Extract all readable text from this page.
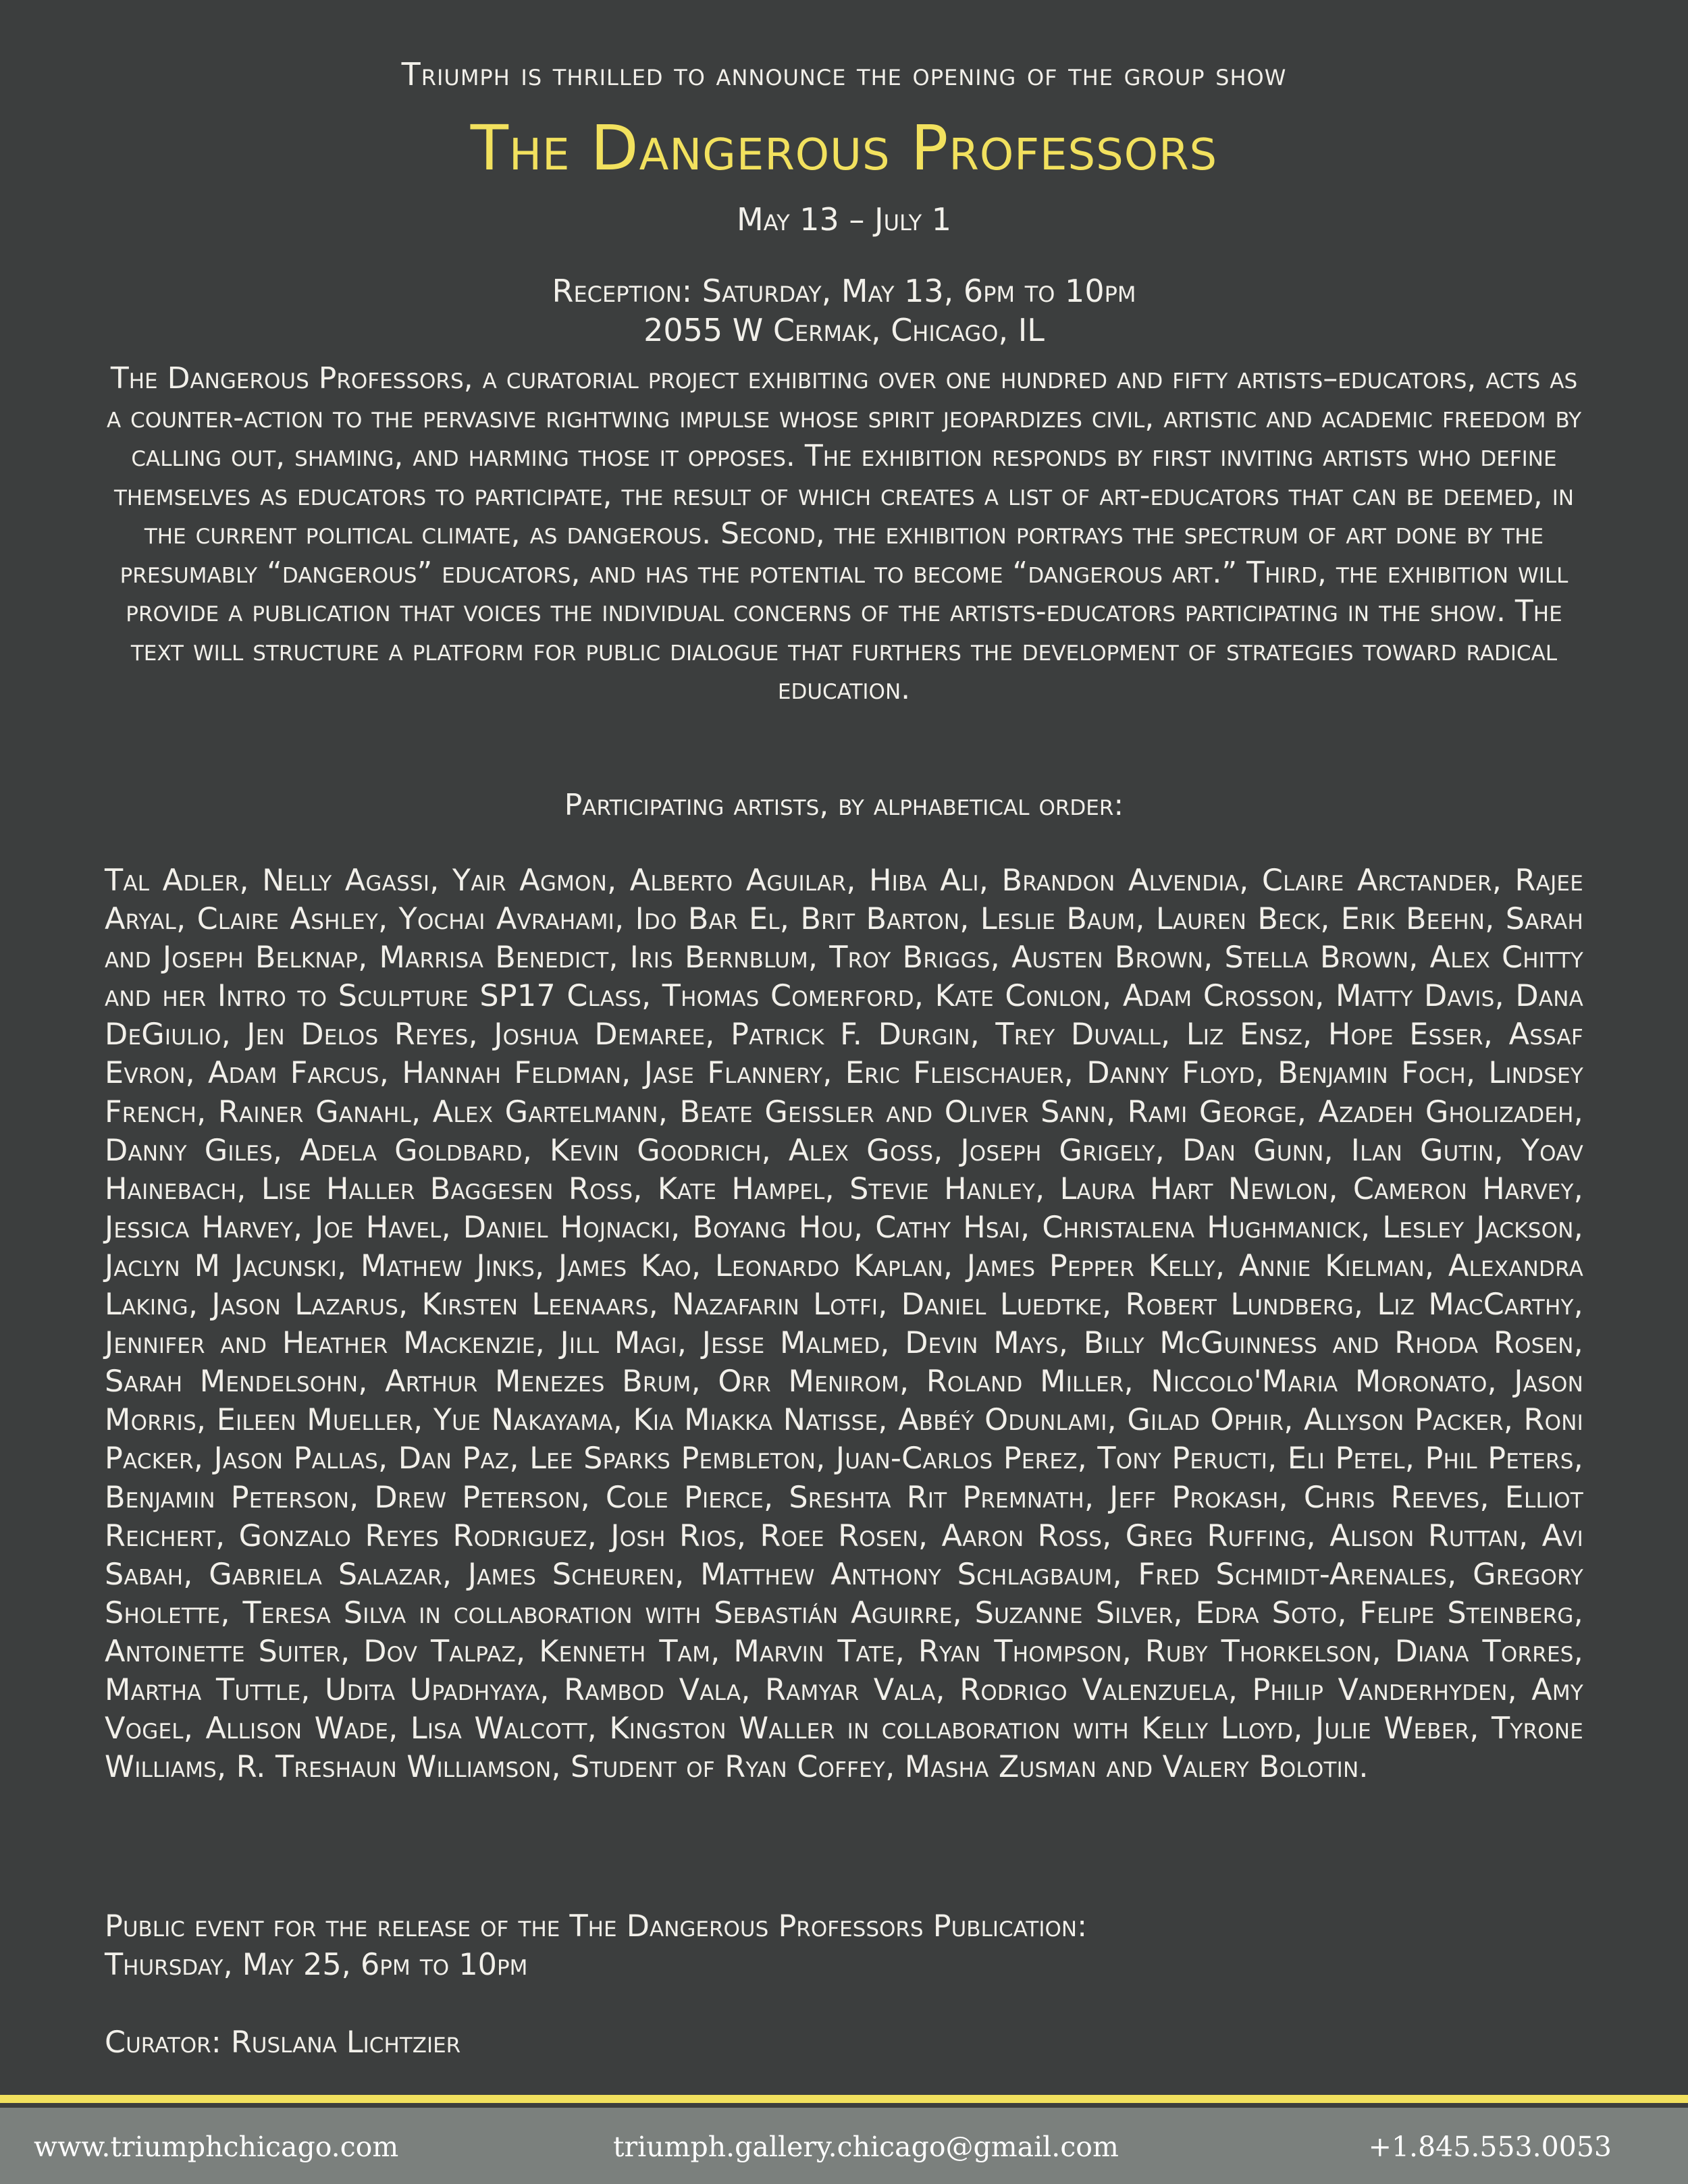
Triumph is thrilled to announce the opening of the group show
The Dangerous Professors
May 13 – July 1
Reception: Saturday, May 13, 6pm to 10pm
2055 W Cermak, Chicago, IL
The Dangerous Professors, a curatorial project exhibiting over one hundred and fifty artists–educators, acts as a counter-action to the pervasive rightwing impulse whose spirit jeopardizes civil, artistic and academic freedom by calling out, shaming, and harming those it opposes. The exhibition responds by first inviting artists who define themselves as educators to participate, the result of which creates a list of art-educators that can be deemed, in the current political climate, as dangerous. Second, the exhibition portrays the spectrum of art done by the presumably “dangerous” educators, and has the potential to become “dangerous art.” Third, the exhibition will provide a publication that voices the individual concerns of the artists-educators participating in the show. The text will structure a platform for public dialogue that furthers the development of strategies toward radical education.
Participating artists, by alphabetical order:
Tal Adler, Nelly Agassi, Yair Agmon, Alberto Aguilar, Hiba Ali, Brandon Alvendia, Claire Arctander, Rajee Aryal, Claire Ashley, Yochai Avrahami, Ido Bar El, Brit Barton, Leslie Baum, Lauren Beck, Erik Beehn, Sarah and Joseph Belknap, Marrisa Benedict, Iris Bernblum, Troy Briggs, Austen Brown, Stella Brown, Alex Chitty and her Intro to Sculpture SP17 Class, Thomas Comerford, Kate Conlon, Adam Crosson, Matty Davis, Dana DeGiulio, Jen Delos Reyes, Joshua Demaree, Patrick F. Durgin, Trey Duvall, Liz Ensz, Hope Esser, Assaf Evron, Adam Farcus, Hannah Feldman, Jase Flannery, Eric Fleischauer, Danny Floyd, Benjamin Foch, Lindsey French, Rainer Ganahl, Alex Gartelmann, Beate Geissler and Oliver Sann, Rami George, Azadeh Gholizadeh, Danny Giles, Adela Goldbard, Kevin Goodrich, Alex Goss, Joseph Grigely, Dan Gunn, Ilan Gutin, Yoav Hainebach, Lise Haller Baggesen Ross, Kate Hampel, Stevie Hanley, Laura Hart Newlon, Cameron Harvey, Jessica Harvey, Joe Havel, Daniel Hojnacki, Boyang Hou, Cathy Hsai, Christalena Hughmanick, Lesley Jackson, Jaclyn M Jacunski, Mathew Jinks, James Kao, Leonardo Kaplan, James Pepper Kelly, Annie Kielman, Alexandra Laking, Jason Lazarus, Kirsten Leenaars, Nazafarin Lotfi, Daniel Luedtke, Robert Lundberg, Liz MacCarthy, Jennifer and Heather Mackenzie, Jill Magi, Jesse Malmed, Devin Mays, Billy McGuinness and Rhoda Rosen, Sarah Mendelsohn, Arthur Menezes Brum, Orr Menirom, Roland Miller, Niccolo'Maria Moronato, Jason Morris, Eileen Mueller, Yue Nakayama, Kia Miakka Natisse, Abbéý Odunlami, Gilad Ophir, Allyson Packer, Roni Packer, Jason Pallas, Dan Paz, Lee Sparks Pembleton, Juan-Carlos Perez, Tony Peructi, Eli Petel, Phil Peters, Benjamin Peterson, Drew Peterson, Cole Pierce, Sreshta Rit Premnath, Jeff Prokash, Chris Reeves, Elliot Reichert, Gonzalo Reyes Rodriguez, Josh Rios, Roee Rosen, Aaron Ross, Greg Ruffing, Alison Ruttan, Avi Sabah, Gabriela Salazar, James Scheuren, Matthew Anthony Schlagbaum, Fred Schmidt-Arenales, Gregory Sholette, Teresa Silva in collaboration with Sebastián Aguirre, Suzanne Silver, Edra Soto, Felipe Steinberg, Antoinette Suiter, Dov Talpaz, Kenneth Tam, Marvin Tate, Ryan Thompson, Ruby Thorkelson, Diana Torres, Martha Tuttle, Udita Upadhyaya, Rambod Vala, Ramyar Vala, Rodrigo Valenzuela, Philip Vanderhyden, Amy Vogel, Allison Wade, Lisa Walcott, Kingston Waller in collaboration with Kelly Lloyd, Julie Weber, Tyrone Williams, R. Treshaun Williamson, Student of Ryan Coffey, Masha Zusman and Valery Bolotin.
Public event for the release of the The Dangerous Professors Publication:
Thursday, May 25, 6pm to 10pm
Curator: Ruslana Lichtzier
www.triumphchicago.com	triumph.gallery.chicago@gmail.com	+1.845.553.0053
